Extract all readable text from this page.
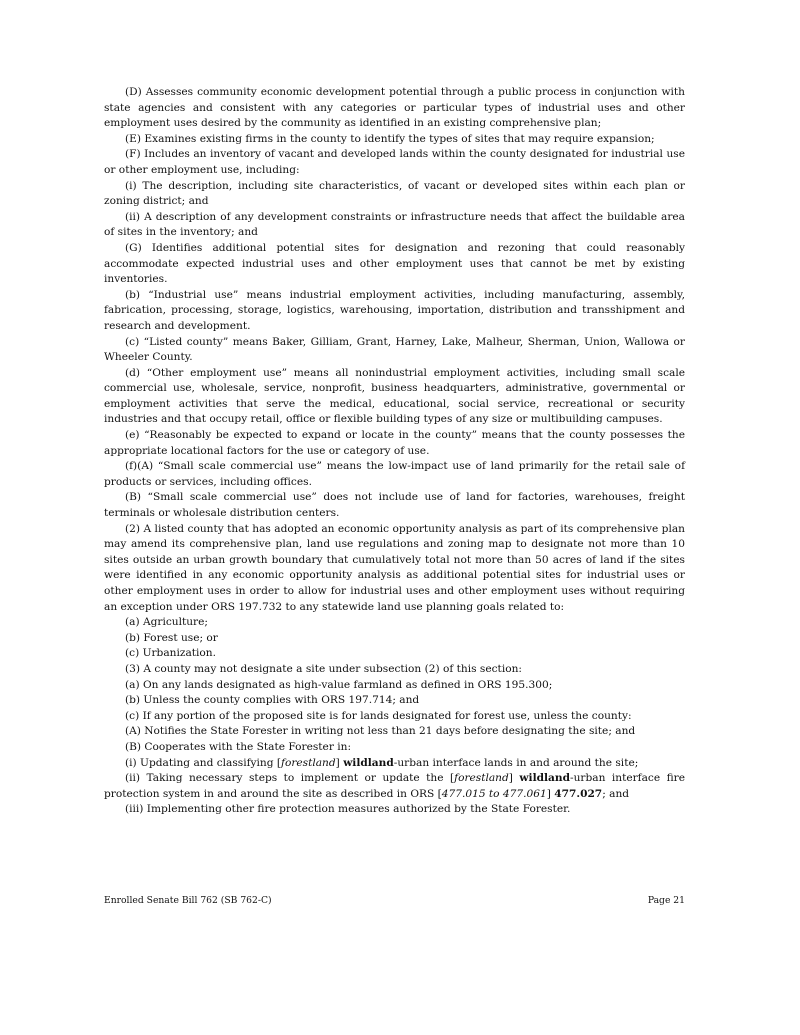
(D) Assesses community economic development potential through a public process in conjunction with state agencies and consistent with any categories or particular types of industrial uses and other employment uses desired by the community as identified in an existing comprehensive plan;

(E) Examines existing firms in the county to identify the types of sites that may require expansion;

(F) Includes an inventory of vacant and developed lands within the county designated for industrial use or other employment use, including:

(i) The description, including site characteristics, of vacant or developed sites within each plan or zoning district; and

(ii) A description of any development constraints or infrastructure needs that affect the buildable area of sites in the inventory; and

(G) Identifies additional potential sites for designation and rezoning that could reasonably accommodate expected industrial uses and other employment uses that cannot be met by existing inventories.

(b) “Industrial use” means industrial employment activities, including manufacturing, assembly, fabrication, processing, storage, logistics, warehousing, importation, distribution and transshipment and research and development.

(c) “Listed county” means Baker, Gilliam, Grant, Harney, Lake, Malheur, Sherman, Union, Wallowa or Wheeler County.

(d) “Other employment use” means all nonindustrial employment activities, including small scale commercial use, wholesale, service, nonprofit, business headquarters, administrative, governmental or employment activities that serve the medical, educational, social service, recreational or security industries and that occupy retail, office or flexible building types of any size or multibuilding campuses.

(e) “Reasonably be expected to expand or locate in the county” means that the county possesses the appropriate locational factors for the use or category of use.

(f)(A) “Small scale commercial use” means the low-impact use of land primarily for the retail sale of products or services, including offices.

(B) “Small scale commercial use” does not include use of land for factories, warehouses, freight terminals or wholesale distribution centers.

(2) A listed county that has adopted an economic opportunity analysis as part of its comprehensive plan may amend its comprehensive plan, land use regulations and zoning map to designate not more than 10 sites outside an urban growth boundary that cumulatively total not more than 50 acres of land if the sites were identified in any economic opportunity analysis as additional potential sites for industrial uses or other employment uses in order to allow for industrial uses and other employment uses without requiring an exception under ORS 197.732 to any statewide land use planning goals related to:

(a) Agriculture;

(b) Forest use; or

(c) Urbanization.

(3) A county may not designate a site under subsection (2) of this section:

(a) On any lands designated as high-value farmland as defined in ORS 195.300;

(b) Unless the county complies with ORS 197.714; and

(c) If any portion of the proposed site is for lands designated for forest use, unless the county:

(A) Notifies the State Forester in writing not less than 21 days before designating the site; and

(B) Cooperates with the State Forester in:

(i) Updating and classifying [forestland] wildland-urban interface lands in and around the site;

(ii) Taking necessary steps to implement or update the [forestland] wildland-urban interface fire protection system in and around the site as described in ORS [477.015 to 477.061] 477.027; and

(iii) Implementing other fire protection measures authorized by the State Forester.

Enrolled Senate Bill 762 (SB 762-C)	Page 21
